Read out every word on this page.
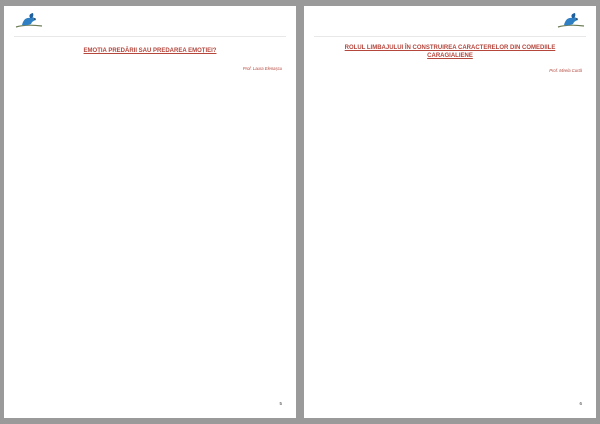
EMOȚIA PREDĂRII SAU PREDAREA EMOȚIEI?
Prof. Laura Elenașcu

5
ROLUL LIMBAJULUI ÎN CONSTRUIREA CARACTERELOR DIN COMEDIILE
CARAGIALIENE
Prof. Mirela Curtă

6
